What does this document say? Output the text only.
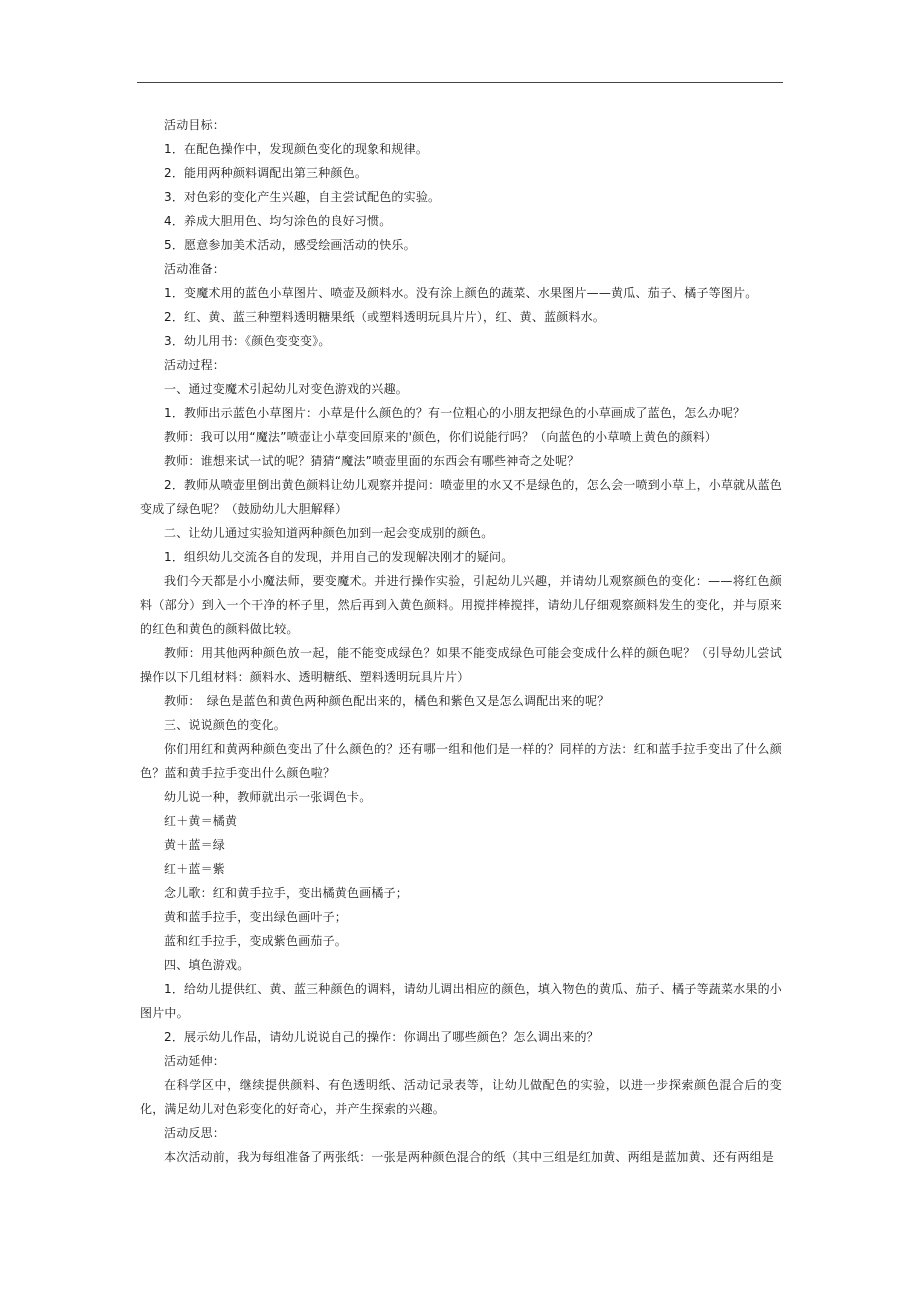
活动目标：

1．在配色操作中，发现颜色变化的现象和规律。

2．能用两种颜料调配出第三种颜色。

3．对色彩的变化产生兴趣，自主尝试配色的实验。

4．养成大胆用色、均匀涂色的良好习惯。

5．愿意参加美术活动，感受绘画活动的快乐。

活动准备：

1．变魔术用的蓝色小草图片、喷壶及颜料水。没有涂上颜色的蔬菜、水果图片——黄瓜、茄子、橘子等图片。

2．红、黄、蓝三种塑料透明糖果纸（或塑料透明玩具片片），红、黄、蓝颜料水。

3．幼儿用书：《颜色变变变》。

活动过程：

一、通过变魔术引起幼儿对变色游戏的兴趣。

1．教师出示蓝色小草图片：小草是什么颜色的？有一位粗心的小朋友把绿色的小草画成了蓝色，怎么办呢？

教师：我可以用“魔法”喷壶让小草变回原来的'颜色，你们说能行吗？（向蓝色的小草喷上黄色的颜料）

教师：谁想来试一试的呢？猜猜“魔法”喷壶里面的东西会有哪些神奇之处呢？

2．教师从喷壶里倒出黄色颜料让幼儿观察并提问：喷壶里的水又不是绿色的，怎么会一喷到小草上，小草就从蓝色变成了绿色呢？（鼓励幼儿大胆解释）

二、让幼儿通过实验知道两种颜色加到一起会变成别的颜色。

1．组织幼儿交流各自的发现，并用自己的发现解决刚才的疑问。

我们今天都是小小魔法师，要变魔术。并进行操作实验，引起幼儿兴趣，并请幼儿观察颜色的变化：——将红色颜料（部分）到入一个干净的杯子里，然后再到入黄色颜料。用搅拌棒搅拌，请幼儿仔细观察颜料发生的变化，并与原来的红色和黄色的颜料做比较。

教师：用其他两种颜色放一起，能不能变成绿色？如果不能变成绿色可能会变成什么样的颜色呢？（引导幼儿尝试操作以下几组材料：颜料水、透明糖纸、塑料透明玩具片片）

教师：　绿色是蓝色和黄色两种颜色配出来的，橘色和紫色又是怎么调配出来的呢？

三、说说颜色的变化。

你们用红和黄两种颜色变出了什么颜色的？还有哪一组和他们是一样的？同样的方法：红和蓝手拉手变出了什么颜色？蓝和黄手拉手变出什么颜色啦？

幼儿说一种，教师就出示一张调色卡。

红＋黄＝橘黄

黄＋蓝＝绿

红＋蓝＝紫

念儿歌：红和黄手拉手，变出橘黄色画橘子；

黄和蓝手拉手，变出绿色画叶子；

蓝和红手拉手，变成紫色画茄子。

四、填色游戏。

1．给幼儿提供红、黄、蓝三种颜色的调料，请幼儿调出相应的颜色，填入物色的黄瓜、茄子、橘子等蔬菜水果的小图片中。

2．展示幼儿作品，请幼儿说说自己的操作：你调出了哪些颜色？怎么调出来的？

活动延伸：

在科学区中，继续提供颜料、有色透明纸、活动记录表等，让幼儿做配色的实验，以进一步探索颜色混合后的变化，满足幼儿对色彩变化的好奇心，并产生探索的兴趣。

活动反思：

本次活动前，我为每组准备了两张纸：一张是两种颜色混合的纸（其中三组是红加黄、两组是蓝加黄、还有两组是
